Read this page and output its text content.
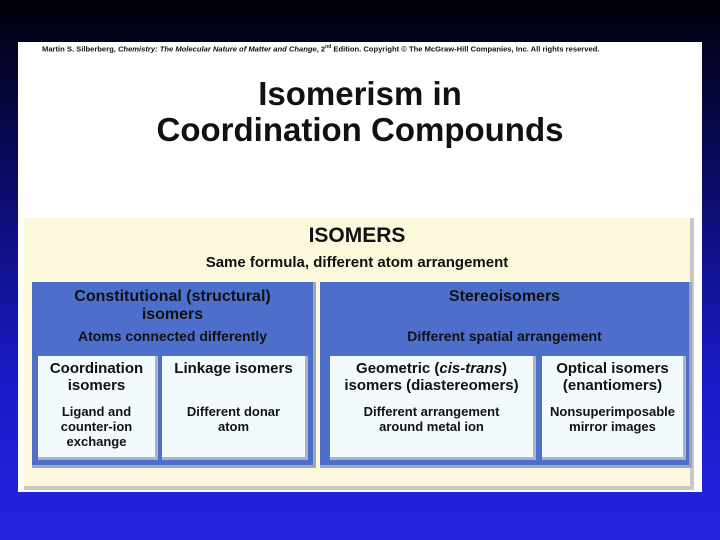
Martin S. Silberberg, Chemistry: The Molecular Nature of Matter and Change, 2nd Edition. Copyright © The McGraw-Hill Companies, Inc. All rights reserved.
Isomerism in
Coordination Compounds
ISOMERS
Same formula, different atom arrangement
Constitutional (structural)
isomers
Atoms connected differently
Coordination
isomers
Ligand and
counter-ion
exchange
Linkage isomers
Different donar
atom
Stereoisomers
Different spatial arrangement
Geometric (cis-trans)
isomers (diastereomers)
Different arrangement
around metal ion
Optical isomers
(enantiomers)
Nonsuperimposable
mirror images
